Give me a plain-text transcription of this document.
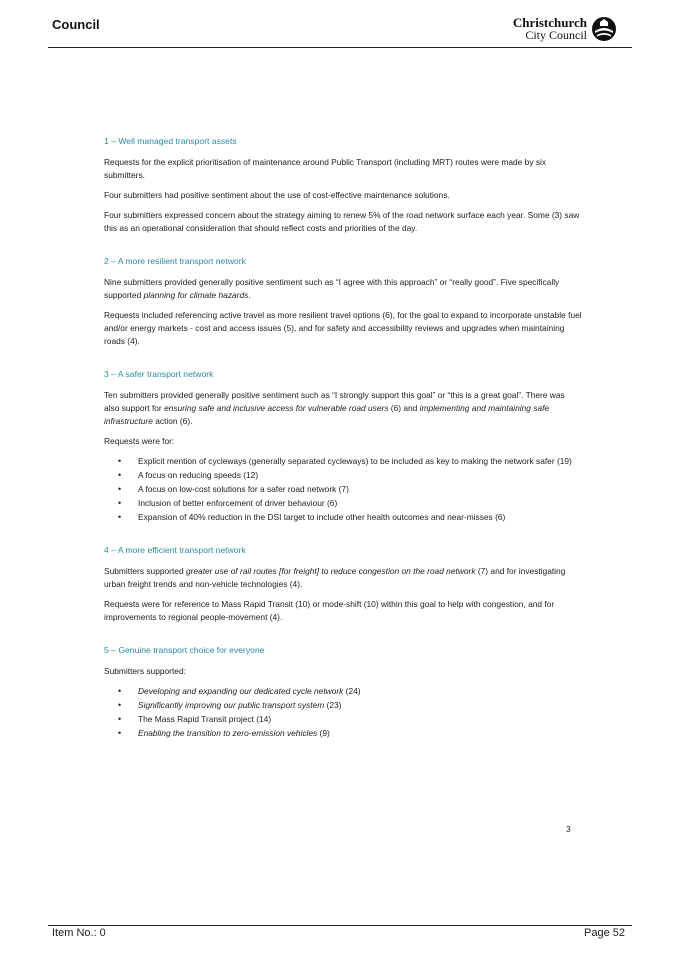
Council	Christchurch
City Council
1 – Well managed transport assets

Requests for the explicit prioritisation of maintenance around Public Transport (including MRT) routes were made by six submitters.

Four submitters had positive sentiment about the use of cost-effective maintenance solutions.

Four submitters expressed concern about the strategy aiming to renew 5% of the road network surface each year. Some (3) saw this as an operational consideration that should reflect costs and priorities of the day.

2 – A more resilient transport network

Nine submitters provided generally positive sentiment such as “I agree with this approach” or “really good”. Five specifically supported planning for climate hazards.

Requests included referencing active travel as more resilient travel options (6), for the goal to expand to incorporate unstable fuel and/or energy markets - cost and access issues (5), and for safety and accessibility reviews and upgrades when maintaining roads (4).

3 – A safer transport network

Ten submitters provided generally positive sentiment such as “I strongly support this goal” or “this is a great goal”. There was also support for ensuring safe and inclusive access for vulnerable road users (6) and implementing and maintaining safe infrastructure action (6).

Requests were for:

• Explicit mention of cycleways (generally separated cycleways) to be included as key to making the network safer (19)
• A focus on reducing speeds (12)
• A focus on low-cost solutions for a safer road network (7)
• Inclusion of better enforcement of driver behaviour (6)
• Expansion of 40% reduction in the DSI target to include other health outcomes and near-misses (6)
4 – A more efficient transport network

Submitters supported greater use of rail routes [for freight] to reduce congestion on the road network (7) and for investigating urban freight trends and non-vehicle technologies (4).

Requests were for reference to Mass Rapid Transit (10) or mode-shift (10) within this goal to help with congestion, and for improvements to regional people-movement (4).

5 – Genuine transport choice for everyone

Submitters supported:

• Developing and expanding our dedicated cycle network (24)
• Significantly improving our public transport system (23)
• The Mass Rapid Transit project (14)
• Enabling the transition to zero-emission vehicles (9)
3
Item No.: 0	Page 52
